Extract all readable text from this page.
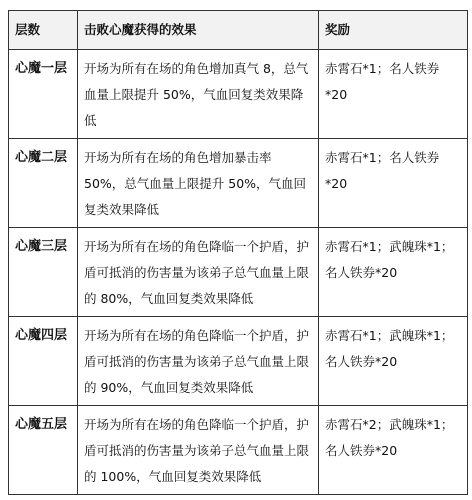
层数	击败心魔获得的效果	奖励
心魔一层	开场为所有在场的角色增加真气 8，总气血量上限提升 50%，气血回复类效果降低	赤霄石*1；名人铁券*20
心魔二层	开场为所有在场的角色增加暴击率 50%，总气血量上限提升 50%，气血回复类效果降低	赤霄石*1；名人铁券*20
心魔三层	开场为所有在场的角色降临一个护盾，护盾可抵消的伤害量为该弟子总气血量上限的 80%，气血回复类效果降低	赤霄石*1；武魄珠*1；名人铁券*20
心魔四层	开场为所有在场的角色降临一个护盾，护盾可抵消的伤害量为该弟子总气血量上限的 90%，气血回复类效果降低	赤霄石*1；武魄珠*1；名人铁券*20
心魔五层	开场为所有在场的角色降临一个护盾，护盾可抵消的伤害量为该弟子总气血量上限的 100%，气血回复类效果降低	赤霄石*2；武魄珠*1；名人铁券*20
